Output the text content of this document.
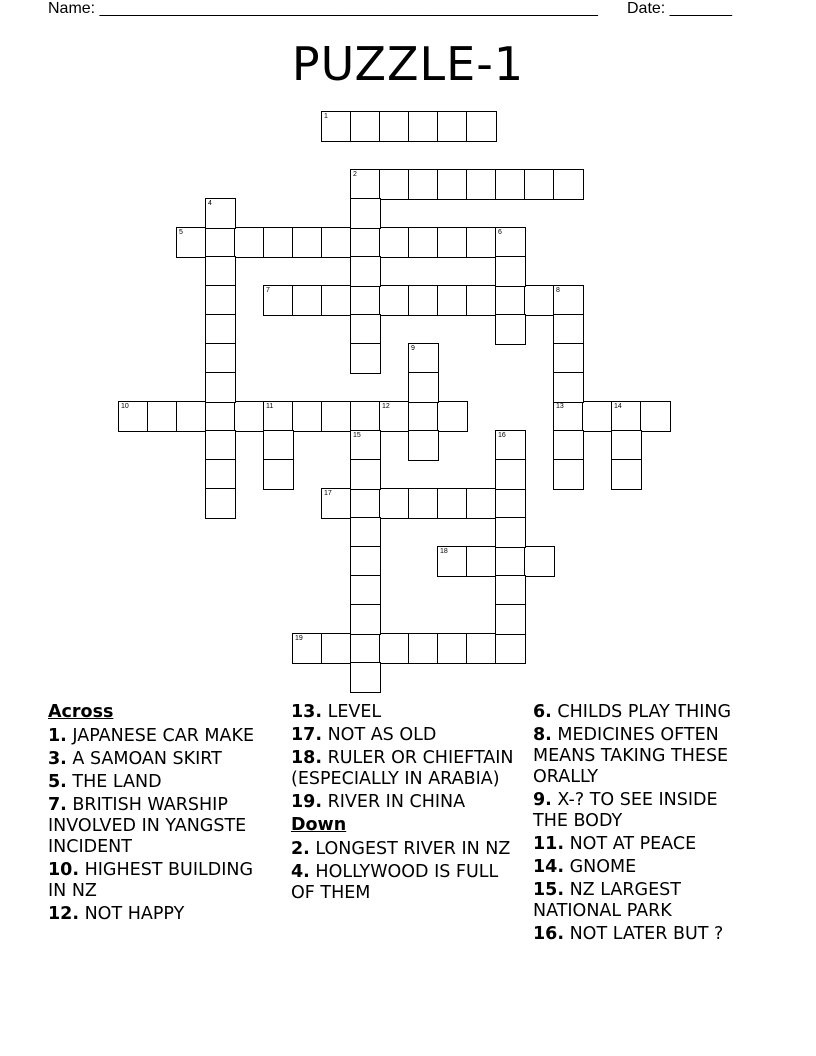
Name: ________________________________________________________ Date: _______
PUZZLE-1
1
2
5
7	8
10	11	12	13	14
17
18
19
4
6
9
15	16
Across
1. JAPANESE CAR MAKE
3. A SAMOAN SKIRT
5. THE LAND
7. BRITISH WARSHIP INVOLVED IN YANGSTE INCIDENT
10. HIGHEST BUILDING IN NZ
12. NOT HAPPY
13. LEVEL
17. NOT AS OLD
18. RULER OR CHIEFTAIN (ESPECIALLY IN ARABIA)
19. RIVER IN CHINA
Down
2. LONGEST RIVER IN NZ
4. HOLLYWOOD IS FULL OF THEM
6. CHILDS PLAY THING
8. MEDICINES OFTEN MEANS TAKING THESE ORALLY
9. X-? TO SEE INSIDE THE BODY
11. NOT AT PEACE
14. GNOME
15. NZ LARGEST NATIONAL PARK
16. NOT LATER BUT ?
